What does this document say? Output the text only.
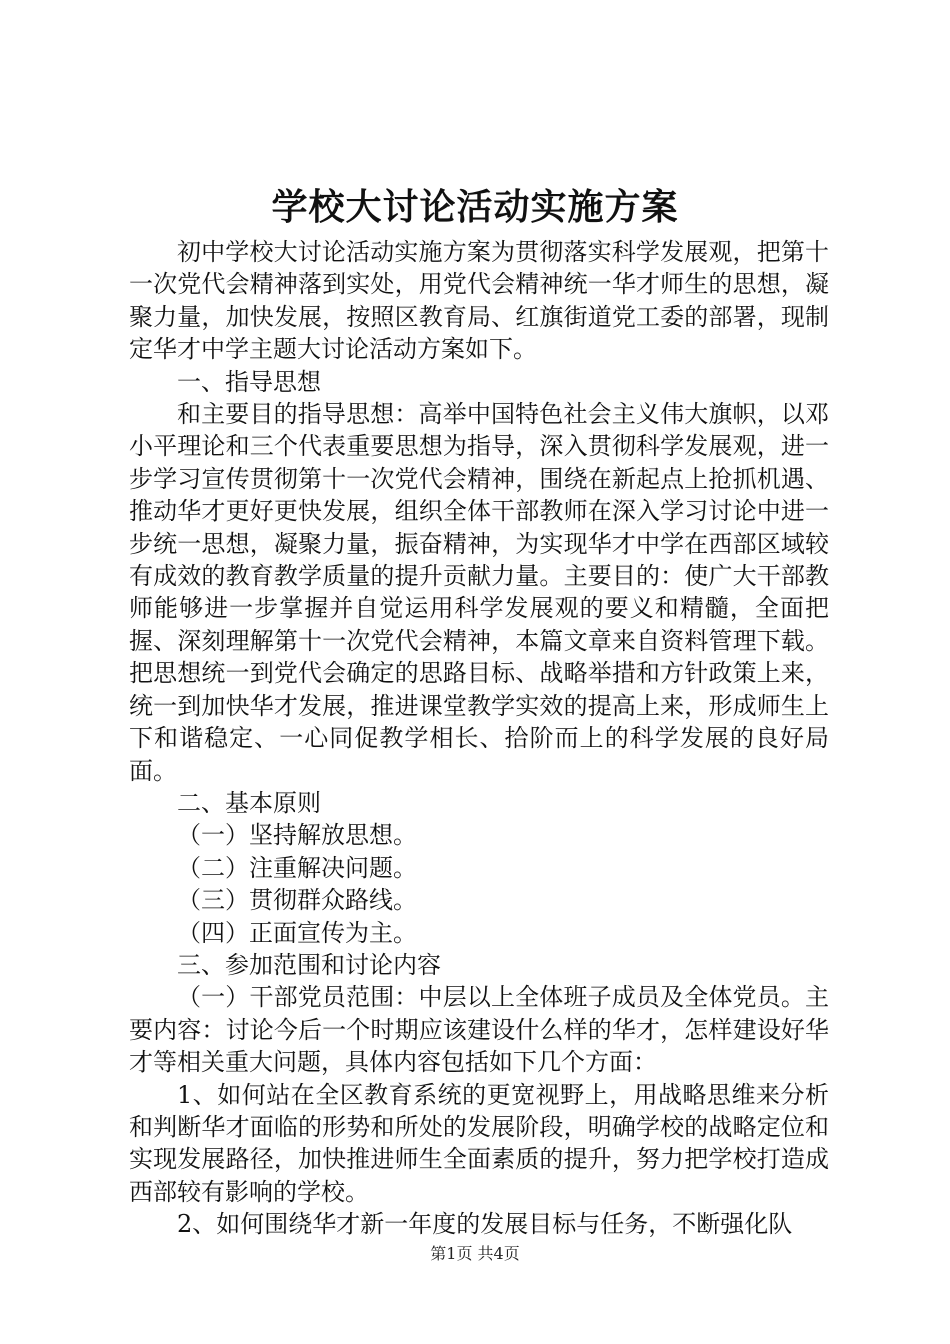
学校大讨论活动实施方案

初中学校大讨论活动实施方案为贯彻落实科学发展观，把第十一次党代会精神落到实处，用党代会精神统一华才师生的思想，凝聚力量，加快发展，按照区教育局、红旗街道党工委的部署，现制定华才中学主题大讨论活动方案如下。

一、指导思想

和主要目的指导思想：高举中国特色社会主义伟大旗帜，以邓小平理论和三个代表重要思想为指导，深入贯彻科学发展观，进一步学习宣传贯彻第十一次党代会精神，围绕在新起点上抢抓机遇、推动华才更好更快发展，组织全体干部教师在深入学习讨论中进一步统一思想，凝聚力量，振奋精神，为实现华才中学在西部区域较有成效的教育教学质量的提升贡献力量。主要目的：使广大干部教师能够进一步掌握并自觉运用科学发展观的要义和精髓，全面把握、深刻理解第十一次党代会精神，本篇文章来自资料管理下载。把思想统一到党代会确定的思路目标、战略举措和方针政策上来，统一到加快华才发展，推进课堂教学实效的提高上来，形成师生上下和谐稳定、一心同促教学相长、拾阶而上的科学发展的良好局面。

二、基本原则

（一）坚持解放思想。

（二）注重解决问题。

（三）贯彻群众路线。

（四）正面宣传为主。

三、参加范围和讨论内容

（一）干部党员范围：中层以上全体班子成员及全体党员。主要内容：讨论今后一个时期应该建设什么样的华才，怎样建设好华才等相关重大问题，具体内容包括如下几个方面：

1、如何站在全区教育系统的更宽视野上，用战略思维来分析和判断华才面临的形势和所处的发展阶段，明确学校的战略定位和实现发展路径，加快推进师生全面素质的提升，努力把学校打造成西部较有影响的学校。

2、如何围绕华才新一年度的发展目标与任务，不断强化队

第1页 共4页
